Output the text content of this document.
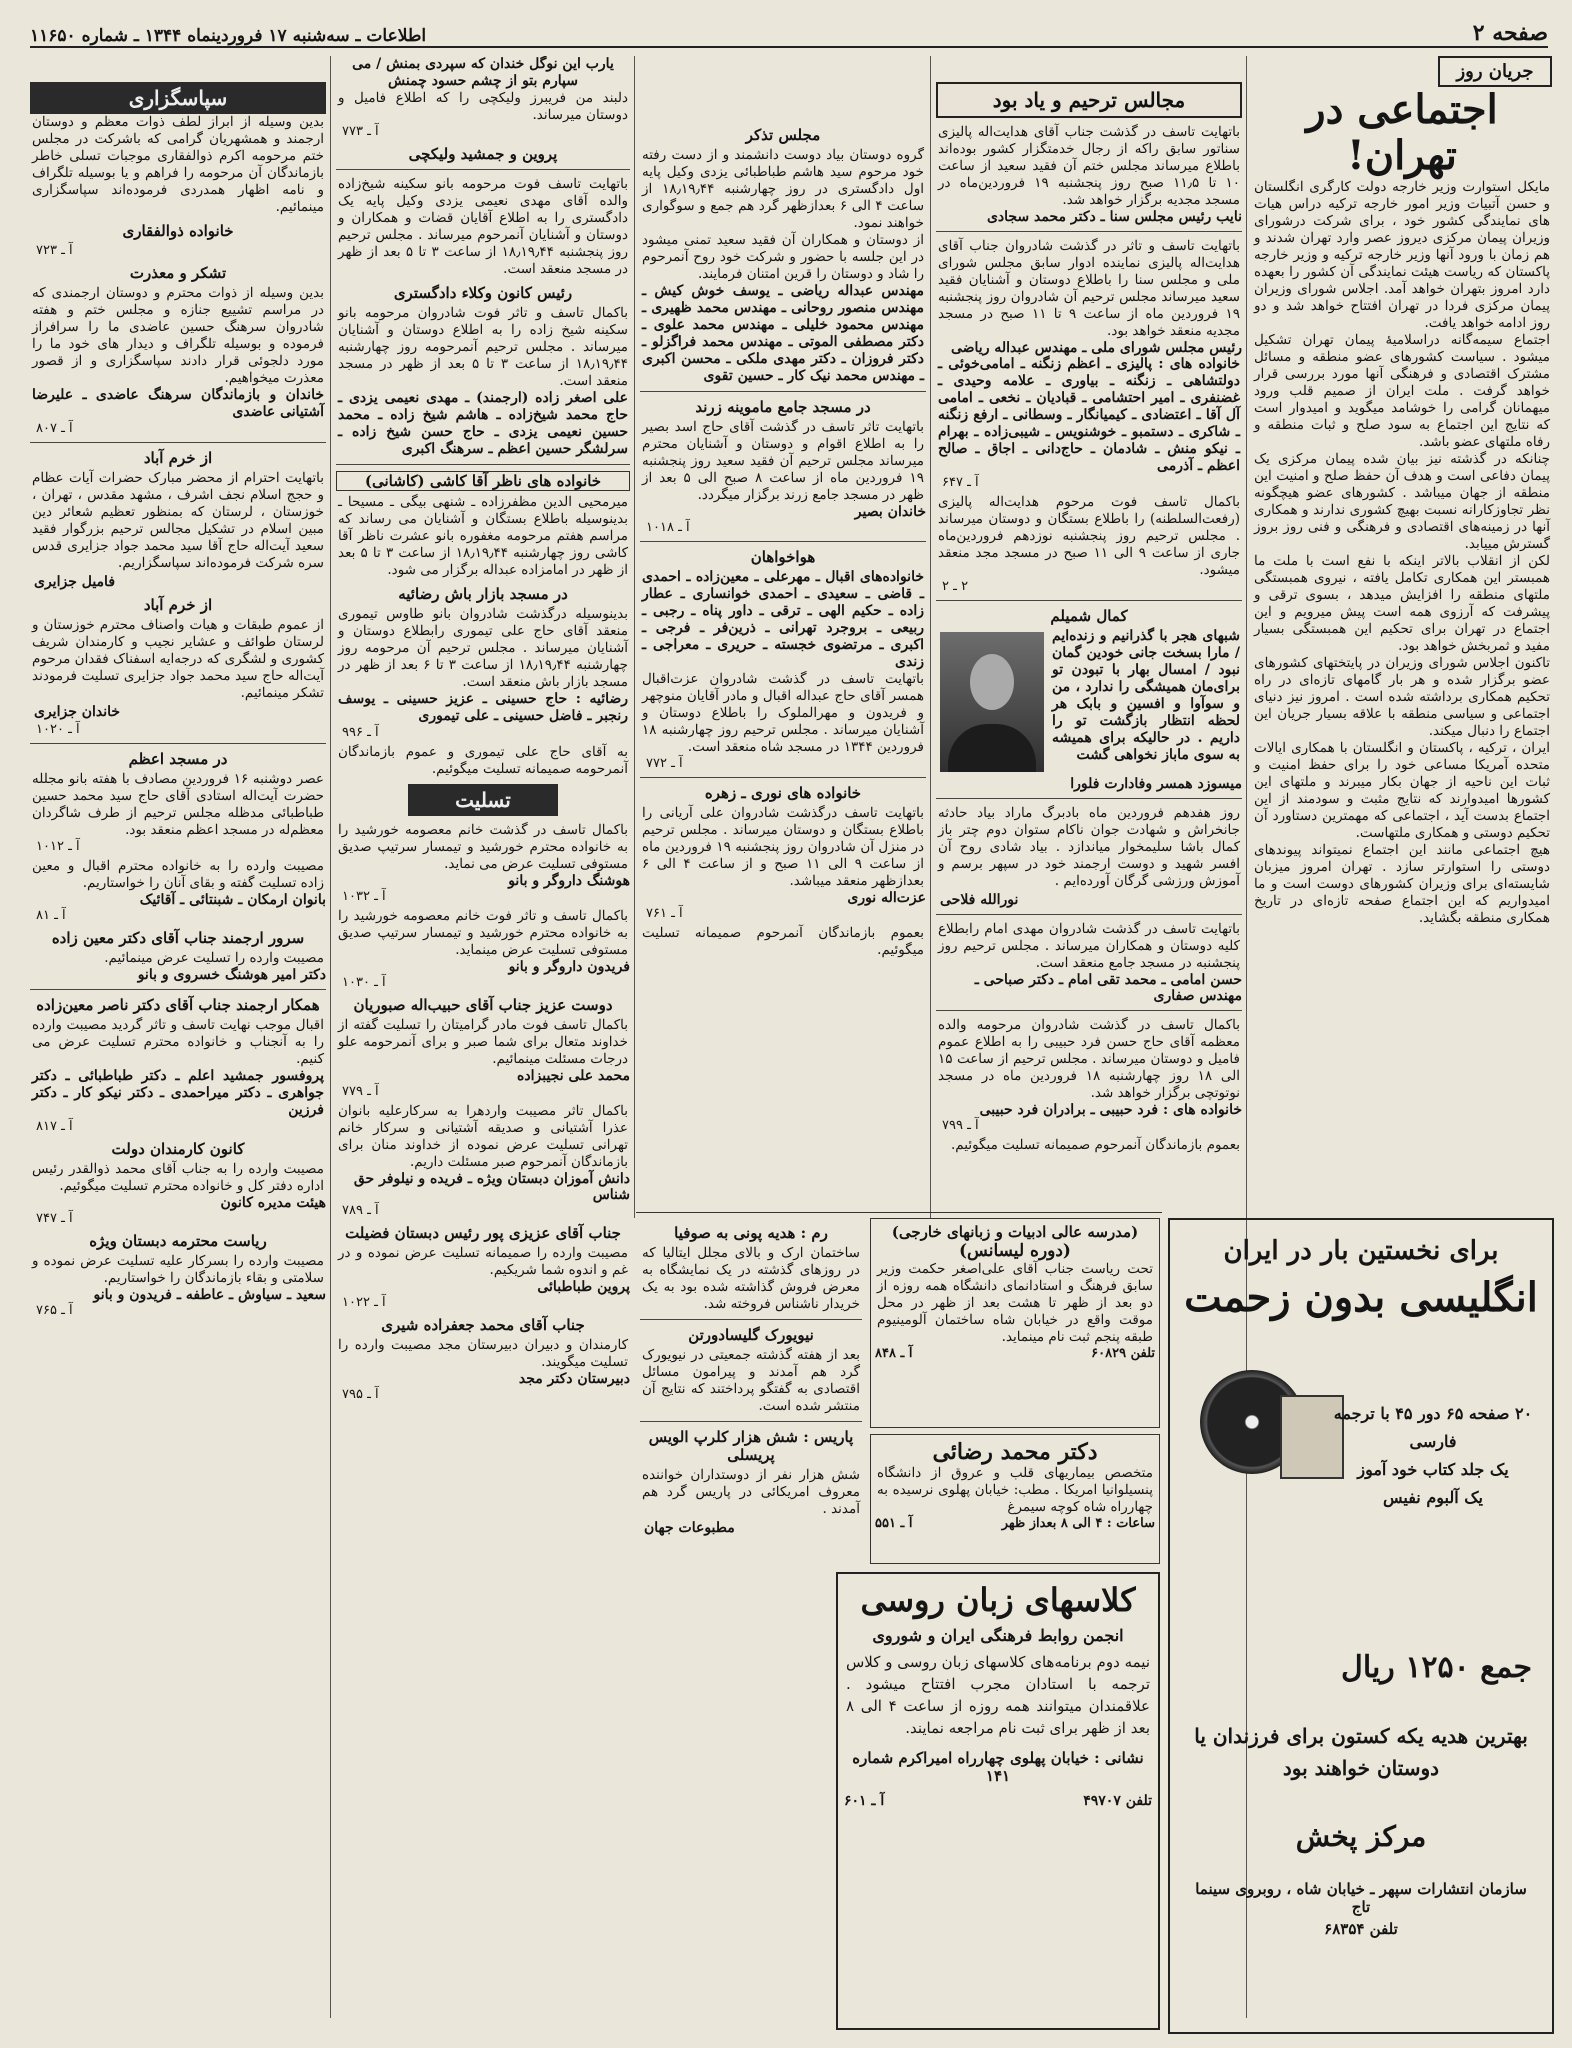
صفحه ۲
اطلاعات ـ سه‌شنبه ۱۷ فروردینماه ۱۳۴۴ ـ شماره ۱۱۶۵۰
جریان روز
اجتماعی در تهران!

مایکل استوارت وزیر خارجه دولت کارگری انگلستان و حسن آتبیات وزیر امور خارجه ترکیه دراس هیات های نمایندگی کشور خود ، برای شرکت درشورای وزیران پیمان مرکزی دیروز عصر وارد تهران شدند و هم زمان با ورود آنها وزیر خارجه ترکیه و وزیر خارجه پاکستان که ریاست هیئت نمایندگی آن کشور را بعهده دارد امروز بتهران خواهد آمد. اجلاس شورای وزیران پیمان مرکزی فردا در تهران افتتاح خواهد شد و دو روز ادامه خواهد یافت.

اجتماع سیمه‌گانه دراسلامیهٔ پیمان تهران تشکیل میشود . سیاست کشورهای عضو منطقه و مسائل مشترک اقتصادی و فرهنگی آنها مورد بررسی قرار خواهد گرفت . ملت ایران از صمیم قلب ورود میهمانان گرامی را خوشامد میگوید و امیدوار است که نتایج این اجتماع به سود صلح و ثبات منطقه و رفاه ملتهای عضو باشد.

چنانکه در گذشته نیز بیان شده پیمان مرکزی یک پیمان دفاعی است و هدف آن حفظ صلح و امنیت این منطقه از جهان میباشد . کشورهای عضو هیچگونه نظر تجاوزکارانه نسبت بهیچ کشوری ندارند و همکاری آنها در زمینه‌های اقتصادی و فرهنگی و فنی روز بروز گسترش مییابد.

لکن از انقلاب بالاتر اینکه با نفع است با ملت ما همبستر این همکاری تکامل یافته ، نیروی همبستگی ملتهای منطقه را افزایش میدهد ، بسوی ترقی و پیشرفت که آرزوی همه است پیش میرویم و این اجتماع در تهران برای تحکیم این همبستگی بسیار مفید و ثمربخش خواهد بود.

تاکنون اجلاس شورای وزیران در پایتختهای کشورهای عضو برگزار شده و هر بار گامهای تازه‌ای در راه تحکیم همکاری برداشته شده است . امروز نیز دنیای اجتماعی و سیاسی منطقه با علاقه بسیار جریان این اجتماع را دنبال میکند.

ایران ، ترکیه ، پاکستان و انگلستان با همکاری ایالات متحده آمریکا مساعی خود را برای حفظ امنیت و ثبات این ناحیه از جهان بکار میبرند و ملتهای این کشورها امیدوارند که نتایج مثبت و سودمند از این اجتماع بدست آید ، اجتماعی که مهمترین دستاورد آن تحکیم دوستی و همکاری ملتهاست.

هیچ اجتماعی مانند این اجتماع نمیتواند پیوندهای دوستی را استوارتر سازد . تهران امروز میزبان شایسته‌ای برای وزیران کشورهای دوست است و ما امیدواریم که این اجتماع صفحه تازه‌ای در تاریخ همکاری منطقه بگشاید.

برای نخستین بار در ایران
انگلیسی بدون زحمت
۲۰ صفحه ۶۵ دور ۴۵ با ترجمه فارسی
یک جلد کتاب خود آموز
یک آلبوم نفیس
جمع ۱۲۵۰ ریال
بهترین هدیه یکه کستون برای فرزندان یا دوستان خواهند بود
مرکز پخش
سازمان انتشارات سپهر ـ خیابان شاه ، روبروی سینما تاج
تلفن ۶۸۳۵۴
مجالس ترحیم و یاد بود

باتهایت تاسف در گذشت جناب آقای هدایت‌اله پالیزی سناتور سابق راکه از رجال خدمتگزار کشور بوده‌اند باطلاع میرساند مجلس ختم آن فقید سعید از ساعت ۱۰ تا ۱۱٫۵ صبح روز پنجشنبه ۱۹ فروردین‌ماه در مسجد مجدیه برگزار خواهد شد.

نایب رئیس مجلس سنا ـ دکتر محمد سجادی

باتهایت تاسف و تاثر در گذشت شادروان جناب آقای هدایت‌اله پالیزی نماینده ادوار سابق مجلس شورای ملی و مجلس سنا را باطلاع دوستان و آشنایان فقید سعید میرساند مجلس ترحیم آن شادروان روز پنجشنبه ۱۹ فروردین ماه از ساعت ۹ تا ۱۱ صبح در مسجد مجدیه منعقد خواهد بود.

رئیس مجلس شورای ملی ـ مهندس عبداله ریاضی

خانواده های : پالیزی ـ اعظم زنگنه ـ امامی‌خوئی ـ دولتشاهی ـ زنگنه ـ بیاوری ـ علامه وحیدی ـ غضنفری ـ امیر احتشامی ـ قبادیان ـ نخعی ـ امامی آل آقا ـ اعتضادی ـ کیمیانگار ـ وسطانی ـ ارفع زنگنه ـ شاکری ـ دستمبو ـ خوشنویس ـ شیبی‌زاده ـ بهرام ـ نیکو منش ـ شادمان ـ حاج‌دانی ـ اجاق ـ صالح اعظم ـ آذرمی

آ ـ ۶۴۷

باکمال تاسف فوت مرحوم هدایت‌اله پالیزی (رفعت‌السلطنه) را باطلاع بستگان و دوستان میرساند . مجلس ترحیم روز پنجشنبه نوزدهم فروردین‌ماه جاری از ساعت ۹ الی ۱۱ صبح در مسجد مجد منعقد میشود.

۲ ـ ۲
کمال شمیلم

شبهای هجر با گذرانیم و زنده‌ایم / مارا بسخت جانی خودین گمان نبود / امسال بهار با تبودن تو برای‌مان همیشگی را ندارد ، من و سوآوا و افسین و بابک هر لحظه انتظار بازگشت تو را داریم . در حالیکه برای همیشه به سوی ماباز نخواهی گشت

میسوزد همسر وفادارت فلورا

روز هفدهم فروردین ماه بادبرگ ماراد بیاد حادثه جانخراش و شهادت جوان ناکام ستوان دوم چتر باز کمال باشا سلیمخوار میاندازد . بیاد شادی روح آن افسر شهید و دوست ارجمند خود در سپهر برسم و آموزش ورزشی گرگان آورده‌ایم .

نورالله فلاحی

باتهایت تاسف در گذشت شادروان مهدی امام رابطلاع کلیه دوستان و همکاران میرساند . مجلس ترحیم روز پنجشنبه در مسجد جامع منعقد است.

حسن امامی ـ محمد تقی امام ـ دکتر صباحی ـ مهندس صفاری

باکمال تاسف در گذشت شادروان مرحومه والده معظمه آقای حاج حسن فرد حبیبی را به اطلاع عموم فامیل و دوستان میرساند . مجلس ترحیم از ساعت ۱۵ الی ۱۸ روز چهارشنبه ۱۸ فروردین ماه در مسجد نوتوتچی برگزار خواهد شد.

خانواده های : فرد حبیبی ـ برادران فرد حبیبی
آ ـ ۷۹۹

بعموم بازماندگان آنمرحوم صمیمانه تسلیت میگوئیم.

مجلس تذکر

گروه دوستان بیاد دوست دانشمند و از دست رفته خود مرحوم سید هاشم طباطبائی یزدی وکیل پایه اول دادگستری در روز چهارشنبه ۱۸٫۱۹٫۴۴ از ساعت ۴ الی ۶ بعدازظهر گرد هم جمع و سوگواری خواهند نمود.

از دوستان و همکاران آن فقید سعید تمنی میشود در این جلسه با حضور و شرکت خود روح آنمرحوم را شاد و دوستان را قرین امتنان فرمایند.

مهندس عبداله ریاضی ـ یوسف خوش کیش ـ مهندس منصور روحانی ـ مهندس محمد ظهیری ـ مهندس محمود خلیلی ـ مهندس محمد علوی ـ دکتر مصطفی الموتی ـ مهندس محمد فراگزلو ـ دکتر فروزان ـ دکتر مهدی ملکی ـ محسن اکبری ـ مهندس محمد نیک کار ـ حسین تقوی

در مسجد جامع ماموینه زرند

باتهایت تاثر تاسف در گذشت آقای حاج اسد بصیر را به اطلاع اقوام و دوستان و آشنایان محترم میرساند مجلس ترحیم آن فقید سعید روز پنجشنبه ۱۹ فروردین ماه از ساعت ۸ صبح الی ۵ بعد از ظهر در مسجد جامع زرند برگزار میگردد.

خاندان بصیر
آ ـ ۱۰۱۸
هواخواهان

خانواده‌های اقبال ـ مهرعلی ـ معین‌زاده ـ احمدی ـ قاضی ـ سعیدی ـ احمدی خوانساری ـ عطار زاده ـ حکیم الهی ـ ترقی ـ داور پناه ـ رجبی ـ ربیعی ـ بروجرد تهرانی ـ ذرین‌فر ـ فرجی ـ اکبری ـ مرتضوی خجسته ـ حریری ـ معراجی ـ زندی

باتهایت تاسف در گذشت شادروان عزت‌اقبال همسر آقای حاج عبداله اقبال و مادر آقایان منوچهر و فریدون و مهرالملوک را باطلاع دوستان و آشنایان میرساند . مجلس ترحیم روز چهارشنبه ۱۸ فروردین ۱۳۴۴ در مسجد شاه منعقد است.

آ ـ ۷۷۲
خانواده های نوری ـ زهره

باتهایت تاسف درگذشت شادروان علی آریانی را باطلاع بستگان و دوستان میرساند . مجلس ترحیم در منزل آن شادروان روز پنجشنبه ۱۹ فروردین ماه از ساعت ۹ الی ۱۱ صبح و از ساعت ۴ الی ۶ بعدازظهر منعقد میباشد.

عزت‌اله نوری
آ ـ ۷۶۱

بعموم بازماندگان آنمرحوم صمیمانه تسلیت میگوئیم.

یارب این نوگل خندان که سپردی بمنش / می سپارم بتو از چشم حسود چمنش

دلبند من فریبرز ولیکچی را که اطلاع فامیل و دوستان میرساند.

آ ـ ۷۷۳
پروین و جمشید ولیکچی

باتهایت تاسف فوت مرحومه بانو سکینه شیخ‌زاده والده آقای مهدی نعیمی یزدی وکیل پایه یک دادگستری را به اطلاع آقایان قضات و همکاران و دوستان و آشنایان آنمرحوم میرساند . مجلس ترحیم روز پنجشنبه ۱۸٫۱۹٫۴۴ از ساعت ۳ تا ۵ بعد از ظهر در مسجد منعقد است.

رئیس کانون وکلاء دادگستری

باکمال تاسف و تاثر فوت شادروان مرحومه بانو سکینه شیخ زاده را به اطلاع دوستان و آشنایان میرساند . مجلس ترحیم آنمرحومه روز چهارشنبه ۱۸٫۱۹٫۴۴ از ساعت ۳ تا ۵ بعد از ظهر در مسجد منعقد است.

علی اصغر زاده (ارجمند) ـ مهدی نعیمی یزدی ـ حاج محمد شیخ‌زاده ـ هاشم شیخ زاده ـ محمد حسین نعیمی یزدی ـ حاج حسن شیخ زاده ـ سرلشگر حسین اعظم ـ سرهنگ اکبری

خانواده های ناظر آقا کاشی (کاشانی)

میرمحیی الدین مظفرزاده ـ شنهی بیگی ـ مسیحا ـ بدینوسیله باطلاع بستگان و آشنایان می رساند که مراسم هفتم مرحومه مغفوره بانو عشرت ناظر آقا کاشی روز چهارشنبه ۱۸٫۱۹٫۴۴ از ساعت ۳ تا ۵ بعد از ظهر در امامزاده عبداله برگزار می شود.

در مسجد بازار باش رضائیه

بدینوسیله درگذشت شادروان بانو طاوس تیموری منعقد آقای حاج علی تیموری رابطلاع دوستان و آشنایان میرساند . مجلس ترحیم آن مرحومه روز چهارشنبه ۱۸٫۱۹٫۴۴ از ساعت ۳ تا ۶ بعد از ظهر در مسجد بازار باش منعقد است.

رضائیه : حاج حسینی ـ عزیز حسینی ـ یوسف رنجبر ـ فاضل حسینی ـ علی تیموری

آ ـ ۹۹۶

به آقای حاج علی تیموری و عموم بازماندگان آنمرحومه صمیمانه تسلیت میگوئیم.

تسلیت

باکمال تاسف در گذشت خانم معصومه خورشید را به خانواده محترم خورشید و تیمسار سرتیپ صدیق مستوفی تسلیت عرض می نماید.

هوشنگ داروگر و بانو
آ ـ ۱۰۳۲

باکمال تاسف و تاثر فوت خانم معصومه خورشید را به خانواده محترم خورشید و تیمسار سرتیپ صدیق مستوفی تسلیت عرض مینماید.

فریدون داروگر و بانو
آ ـ ۱۰۳۰
دوست عزیز جناب آقای حبیب‌اله صبوریان

باکمال تاسف فوت مادر گرامیتان را تسلیت گفته از خداوند متعال برای شما صبر و برای آنمرحومه علو درجات مسئلت مینمائیم.

محمد علی نجیبزاده
آ ـ ۷۷۹

باکمال تاثر مصیبت واردهرا به سرکارعلیه بانوان عذرا آشتیانی و صدیقه آشتیانی و سرکار خانم تهرانی تسلیت عرض نموده از خداوند منان برای بازماندگان آنمرحوم صبر مسئلت داریم.

دانش آموزان دبستان ویژه ـ فریده و نیلوفر حق شناس
آ ـ ۷۸۹
جناب آقای عزیزی پور رئیس دبستان فضیلت

مصیبت وارده را صمیمانه تسلیت عرض نموده و در غم و اندوه شما شریکیم.

پروین طباطبائی
آ ـ ۱۰۲۲
جناب آقای محمد جعفراده شیری

کارمندان و دبیران دبیرستان مجد مصیبت وارده را تسلیت میگویند.

دبیرستان دکتر مجد
آ ـ ۷۹۵
سپاسگزاری

بدین وسیله از ابراز لطف ذوات معظم و دوستان ارجمند و همشهریان گرامی که باشرکت در مجلس ختم مرحومه اکرم ذوالفقاری موجبات تسلی خاطر بازماندگان آن مرحومه را فراهم و یا بوسیله تلگراف و نامه اظهار همدردی فرموده‌اند سپاسگزاری مینمائیم.

خانواده ذوالفقاری
آ ـ ۷۲۳
تشکر و معذرت

بدین وسیله از ذوات محترم و دوستان ارجمندی که در مراسم تشییع جنازه و مجلس ختم و هفته شادروان سرهنگ حسین عاضدی ما را سرافراز فرموده و بوسیله تلگراف و دیدار های خود ما را مورد دلجوئی قرار دادند سپاسگزاری و از قصور معذرت میخواهیم.

خاندان و بازماندگان سرهنگ عاضدی ـ علیرضا آشتیانی عاضدی

آ ـ ۸۰۷
از خرم آباد

باتهایت احترام از محضر مبارک حضرات آیات عظام و حجج اسلام نجف اشرف ، مشهد مقدس ، تهران ، خوزستان ، لرستان که بمنظور تعظیم شعائر دین مبین اسلام در تشکیل مجالس ترحیم بزرگوار فقید سعید آیت‌اله حاج آقا سید محمد جواد جزایری قدس سره شرکت فرموده‌اند سپاسگزاریم.

فامیل جزایری
از خرم آباد

از عموم طبقات و هیات واصناف محترم خوزستان و لرستان طوائف و عشایر نجیب و کارمندان شریف کشوری و لشگری که درجه‌ایه اسفناک فقدان مرحوم آیت‌اله حاج سید محمد جواد جزایری تسلیت فرمودند تشکر مینمائیم.

خاندان جزایری
آ ـ ۱۰۲۰
در مسجد اعظم

عصر دوشنبه ۱۶ فروردین مصادف با هفته بانو مجلله حضرت آیت‌اله استادی آقای حاج سید محمد حسین طباطبائی مدظله مجلس ترحیم از طرف شاگردان معظم‌له در مسجد اعظم منعقد بود.

آ ـ ۱۰۱۲

مصیبت وارده را به خانواده محترم اقبال و معین زاده تسلیت گفته و بقای آنان را خواستاریم.

بانوان ارمکان ـ شبنتائی ـ آقائیک
آ ـ ۸۱
سرور ارجمند جناب آقای دکتر معین زاده

مصیبت وارده را تسلیت عرض مینمائیم.

دکتر امیر هوشنگ خسروی و بانو
همکار ارجمند جناب آقای دکتر ناصر معین‌زاده

اقبال موجب نهایت تاسف و تاثر گردید مصیبت وارده را به آنجناب و خانواده محترم تسلیت عرض می کنیم.

پروفسور جمشید اعلم ـ دکتر طباطبائی ـ دکتر جواهری ـ دکتر میراحمدی ـ دکتر نیکو کار ـ دکتر فرزین

آ ـ ۸۱۷
کانون کارمندان دولت

مصیبت وارده را به جناب آقای محمد ذوالقدر رئیس اداره دفتر کل و خانواده محترم تسلیت میگوئیم.

هیئت مدیره کانون
آ ـ ۷۴۷
ریاست محترمه دبستان ویژه

مصیبت وارده را بسرکار علیه تسلیت عرض نموده و سلامتی و بقاء بازماندگان را خواستاریم.

سعید ـ سیاوش ـ عاطفه ـ فریدون و بانو
آ ـ ۷۶۵
(مدرسه عالی ادبیات و زبانهای خارجی)
(دوره لیسانس)

تحت ریاست جناب آقای علی‌اصغر حکمت وزیر سابق فرهنگ و استادانمای دانشگاه همه روزه از دو بعد از ظهر تا هشت بعد از ظهر در محل موقت واقع در خیابان شاه ساختمان آلومینیوم طبقه پنجم ثبت نام مینماید.

تلفن ۶۰۸۲۹
آ ـ ۸۴۸
دکتر محمد رضائی

متخصص بیماریهای قلب و عروق از دانشگاه پنسیلوانیا امریکا . مطب: خیابان پهلوی نرسیده به چهارراه شاه کوچه سیمرغ

ساعات : ۴ الی ۸ بعداز ظهر
آ ـ ۵۵۱
کلاسهای زبان روسی
انجمن روابط فرهنگی ایران و شوروی

نیمه دوم برنامه‌های کلاسهای زبان روسی و کلاس ترجمه با استادان مجرب افتتاح میشود . علاقمندان میتوانند همه روزه از ساعت ۴ الی ۸ بعد از ظهر برای ثبت نام مراجعه نمایند.

نشانی : خیابان پهلوی چهارراه امیراکرم شماره ۱۴۱
تلفن ۴۹۷۰۷
آ ـ ۶۰۱
رم : هدیه پونی به صوفیا

ساختمان ارک و بالای مجلل ایتالیا که در روزهای گذشته در یک نمایشگاه به معرض فروش گذاشته شده بود به یک خریدار ناشناس فروخته شد.

نیویورک گلیسادورتن

بعد از هفته گذشته جمعیتی در نیویورک گرد هم آمدند و پیرامون مسائل اقتصادی به گفتگو پرداختند که نتایج آن منتشر شده است.

پاریس : شش هزار کلرپ الویس پریسلی

شش هزار نفر از دوستداران خواننده معروف امریکائی در پاریس گرد هم آمدند .

مطبوعات جهان
